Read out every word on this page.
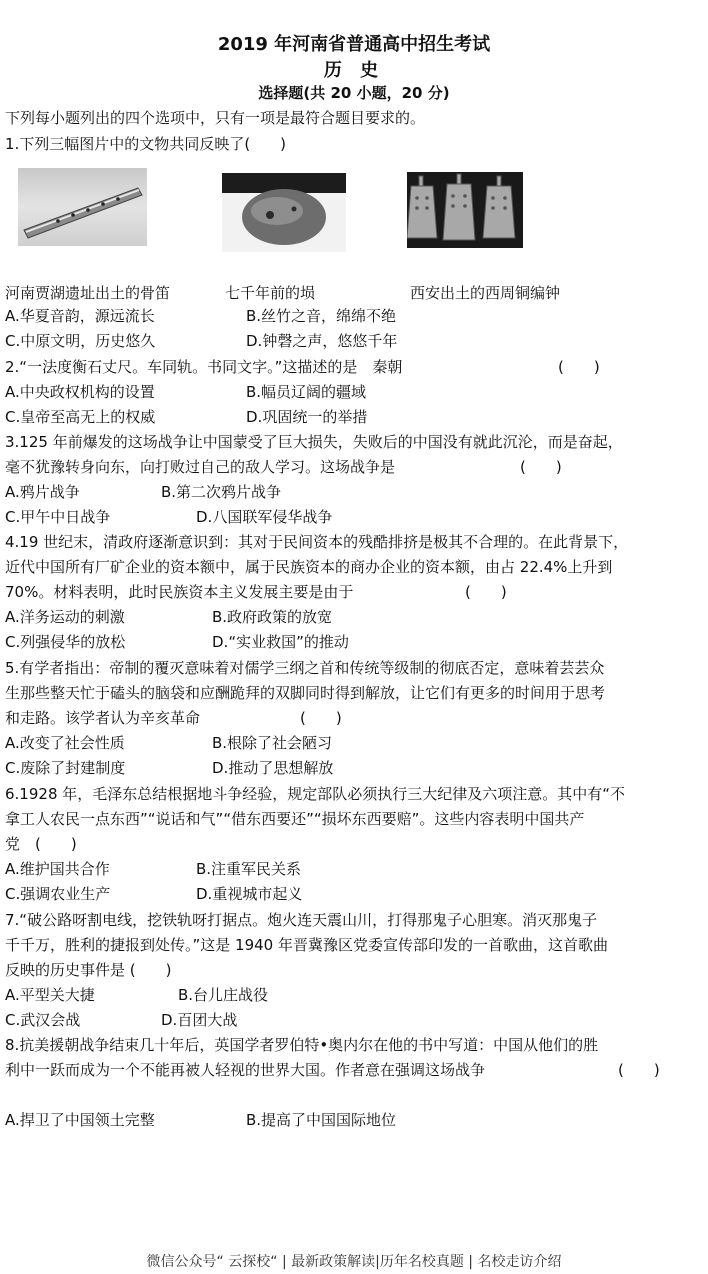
2019 年河南省普通高中招生考试
历 史
选择题(共 20 小题，20 分)
下列每小题列出的四个选项中，只有一项是最符合题目要求的。
1.下列三幅图片中的文物共同反映了(　　)
河南贾湖遗址出土的骨笛	七千年前的埙	西安出土的西周铜编钟
A.华夏音韵，源远流长	B.丝竹之音，绵绵不绝
C.中原文明，历史悠久	D.钟磬之声，悠悠千年
2.“一法度衡石丈尺。车同轨。书同文字。”这描述的是　秦朝	(　　)
A.中央政权机构的设置	B.幅员辽阔的疆域
C.皇帝至高无上的权威	D.巩固统一的举措
3.125 年前爆发的这场战争让中国蒙受了巨大损失，失败后的中国没有就此沉沦，而是奋起，
毫不犹豫转身向东，向打败过自己的敌人学习。这场战争是	(　　)
A.鸦片战争	B.第二次鸦片战争
C.甲午中日战争	D.八国联军侵华战争
4.19 世纪末，清政府逐渐意识到：其对于民间资本的残酷排挤是极其不合理的。在此背景下，
近代中国所有厂矿企业的资本额中，属于民族资本的商办企业的资本额，由占 22.4%上升到
70%。材料表明，此时民族资本主义发展主要是由于	(　　)
A.洋务运动的刺激	B.政府政策的放宽
C.列强侵华的放松	D.“实业救国”的推动
5.有学者指出：帝制的覆灭意味着对儒学三纲之首和传统等级制的彻底否定，意味着芸芸众
生那些整天忙于磕头的脑袋和应酬跪拜的双脚同时得到解放，让它们有更多的时间用于思考
和走路。该学者认为辛亥革命	(　　)
A.改变了社会性质	B.根除了社会陋习
C.废除了封建制度	D.推动了思想解放
6.1928 年，毛泽东总结根据地斗争经验，规定部队必须执行三大纪律及六项注意。其中有“不
拿工人农民一点东西”“说话和气”“借东西要还”“损坏东西要赔”。这些内容表明中国共产
党　(　　)
A.维护国共合作	B.注重军民关系
C.强调农业生产	D.重视城市起义
7.“破公路呀割电线，挖铁轨呀打据点。炮火连天震山川，打得那鬼子心胆寒。消灭那鬼子
千千万，胜利的捷报到处传。”这是 1940 年晋冀豫区党委宣传部印发的一首歌曲，这首歌曲
反映的历史事件是 (　　)
A.平型关大捷	B.台儿庄战役
C.武汉会战	D.百团大战
8.抗美援朝战争结束几十年后，英国学者罗伯特•奥内尔在他的书中写道：中国从他们的胜
利中一跃而成为一个不能再被人轻视的世界大国。作者意在强调这场战争	(　　)
A.捍卫了中国领土完整	B.提高了中国国际地位
微信公众号“ 云探校“ | 最新政策解读|历年名校真题 | 名校走访介绍
